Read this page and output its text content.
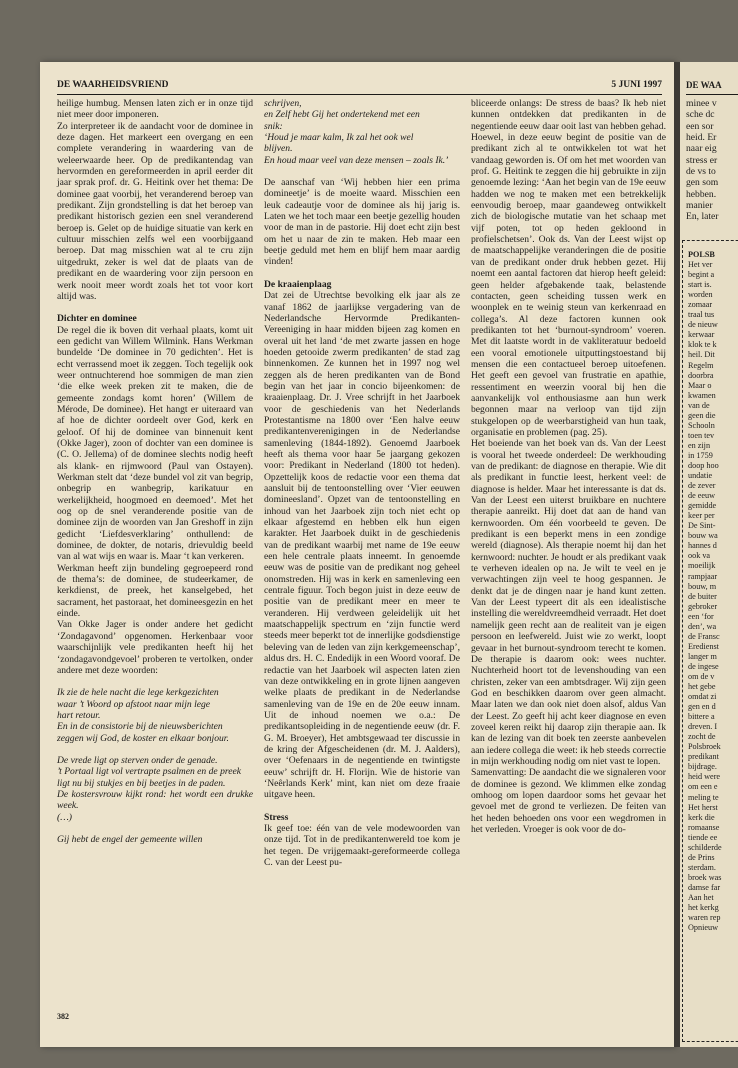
DE WAARHEIDSVRIEND	5 JUNI 1997

heilige humbug. Mensen laten zich er in onze tijd niet meer door imponeren.

Zo interpreteer ik de aandacht voor de dominee in deze dagen. Het markeert een overgang en een complete verandering in waardering van de weleerwaarde heer. Op de predikantendag van hervormden en gereformeerden in april eerder dit jaar sprak prof. dr. G. Heitink over het thema: De dominee gaat voorbij, het veranderend beroep van predikant. Zijn grondstelling is dat het beroep van predikant historisch gezien een snel veranderend beroep is. Gelet op de huidige situatie van kerk en cultuur misschien zelfs wel een voorbijgaand beroep. Dat mag misschien wat al te cru zijn uitgedrukt, zeker is wel dat de plaats van de predikant en de waardering voor zijn persoon en werk nooit meer wordt zoals het tot voor kort altijd was.

Dichter en dominee

De regel die ik boven dit verhaal plaats, komt uit een gedicht van Willem Wilmink. Hans Werkman bundelde ‘De dominee in 70 gedichten’. Het is echt verrassend moet ik zeggen. Toch tegelijk ook weer ontnuchterend hoe sommigen de man zien ‘die elke week preken zit te maken, die de gemeente zondags komt horen’ (Willem de Mérode, De dominee). Het hangt er uiteraard van af hoe de dichter oordeelt over God, kerk en geloof. Of hij de dominee van binnenuit kent (Okke Jager), zoon of dochter van een dominee is (C. O. Jellema) of de dominee slechts nodig heeft als klank- en rijmwoord (Paul van Ostayen). Werkman stelt dat ‘deze bundel vol zit van begrip, onbegrip en wanbegrip, karikatuur en werkelijkheid, hoogmoed en deemoed’. Met het oog op de snel veranderende positie van de dominee zijn de woorden van Jan Greshoff in zijn gedicht ‘Liefdesverklaring’ onthullend: de dominee, de dokter, de notaris, drievuldig beeld van al wat wijs en waar is. Maar ‘t kan verkeren.

Werkman heeft zijn bundeling gegroepeerd rond de thema’s: de dominee, de studeerkamer, de kerkdienst, de preek, het kanselgebed, het sacrament, het pastoraat, het domineesgezin en het einde.

Van Okke Jager is onder andere het gedicht ‘Zondagavond’ opgenomen. Herkenbaar voor waarschijnlijk vele predikanten heeft hij het ‘zondagavondgevoel’ proberen te vertolken, onder andere met deze woorden:

Ik zie de hele nacht die lege kerkgezichten

waar ’t Woord op afstoot naar mijn lege

hart retour.

En in de consistorie bij de nieuwsberichten

zeggen wij God, de koster en elkaar bonjour.

De vrede ligt op sterven onder de genade.

’t Portaal ligt vol vertrapte psalmen en de preek

ligt nu bij stukjes en bij beetjes in de paden.

De kostersvrouw kijkt rond: het wordt een drukke week.

(…)

Gij hebt de engel der gemeente willen

schrijven,

en Zelf hebt Gij het ondertekend met een

snik:

‘Houd je maar kalm, Ik zal het ook wel

blijven.

En houd maar veel van deze mensen – zoals Ik.’

De aanschaf van ‘Wij hebben hier een prima domineetje’ is de moeite waard. Misschien een leuk cadeautje voor de dominee als hij jarig is. Laten we het toch maar een beetje gezellig houden voor de man in de pastorie. Hij doet echt zijn best om het u naar de zin te maken. Heb maar een beetje geduld met hem en blijf hem maar aardig vinden!

De kraaienplaag

Dat zei de Utrechtse bevolking elk jaar als ze vanaf 1862 de jaarlijkse vergadering van de Nederlandsche Hervormde Predikanten-Vereeniging in haar midden bijeen zag komen en overal uit het land ‘de met zwarte jassen en hoge hoeden getooide zwerm predikanten’ de stad zag binnenkomen. Ze kunnen het in 1997 nog wel zeggen als de heren predikanten van de Bond begin van het jaar in concio bijeenkomen: de kraaienplaag. Dr. J. Vree schrijft in het Jaarboek voor de geschiedenis van het Nederlands Protestantisme na 1800 over ‘Een halve eeuw predikantenverenigingen in de Nederlandse samenleving (1844-1892). Genoemd Jaarboek heeft als thema voor haar 5e jaargang gekozen voor: Predikant in Nederland (1800 tot heden). Opzettelijk koos de redactie voor een thema dat aansluit bij de tentoonstelling over ‘Vier eeuwen domineesland’. Opzet van de tentoonstelling en inhoud van het Jaarboek zijn toch niet echt op elkaar afgestemd en hebben elk hun eigen karakter. Het Jaarboek duikt in de geschiedenis van de predikant waarbij met name de 19e eeuw een hele centrale plaats inneemt. In genoemde eeuw was de positie van de predikant nog geheel onomstreden. Hij was in kerk en samenleving een centrale figuur. Toch begon juist in deze eeuw de positie van de predikant meer en meer te veranderen. Hij verdween geleidelijk uit het maatschappelijk spectrum en ‘zijn functie werd steeds meer beperkt tot de innerlijke godsdienstige beleving van de leden van zijn kerkgemeenschap’, aldus drs. H. C. Endedijk in een Woord vooraf. De redactie van het Jaarboek wil aspecten laten zien van deze ontwikkeling en in grote lijnen aangeven welke plaats de predikant in de Nederlandse samenleving van de 19e en de 20e eeuw innam. Uit de inhoud noemen we o.a.: De predikantsopleiding in de negentiende eeuw (dr. F. G. M. Broeyer), Het ambtsgewaad ter discussie in de kring der Afgescheidenen (dr. M. J. Aalders), over ‘Oefenaars in de negentiende en twintigste eeuw’ schrijft dr. H. Florijn. Wie de historie van ‘Neêrlands Kerk’ mint, kan niet om deze fraaie uitgave heen.

Stress

Ik geef toe: één van de vele modewoorden van onze tijd. Tot in de predikantenwereld toe kom je het tegen. De vrijgemaakt-gereformeerde collega C. van der Leest pu-

bliceerde onlangs: De stress de baas? Ik heb niet kunnen ontdekken dat predikanten in de negentiende eeuw daar ooit last van hebben gehad. Hoewel, in deze eeuw begint de positie van de predikant zich al te ontwikkelen tot wat het vandaag geworden is. Of om het met woorden van prof. G. Heitink te zeggen die hij gebruikte in zijn genoemde lezing: ‘Aan het begin van de 19e eeuw hadden we nog te maken met een betrekkelijk eenvoudig beroep, maar gaandeweg ontwikkelt zich de biologische mutatie van het schaap met vijf poten, tot op heden gekloond in profielschetsen’. Ook ds. Van der Leest wijst op de maatschappelijke veranderingen die de positie van de predikant onder druk hebben gezet. Hij noemt een aantal factoren dat hierop heeft geleid: geen helder afgebakende taak, belastende contacten, geen scheiding tussen werk en woonplek en te weinig steun van kerkenraad en collega’s. Al deze factoren kunnen ook predikanten tot het ‘burnout-syndroom’ voeren. Met dit laatste wordt in de vakliteratuur bedoeld een vooral emotionele uitputtingstoestand bij mensen die een contactueel beroep uitoefenen. Het geeft een gevoel van frustratie en apathie, ressentiment en weerzin vooral bij hen die aanvankelijk vol enthousiasme aan hun werk begonnen maar na verloop van tijd zijn stukgelopen op de weerbarstigheid van hun taak, organisatie en problemen (pag. 25).

Het boeiende van het boek van ds. Van der Leest is vooral het tweede onderdeel: De werkhouding van de predikant: de diagnose en therapie. Wie dit als predikant in functie leest, herkent veel: de diagnose is helder. Maar het interessante is dat ds. Van der Leest een uiterst bruikbare en nuchtere therapie aanreikt. Hij doet dat aan de hand van kernwoorden. Om één voorbeeld te geven. De predikant is een beperkt mens in een zondige wereld (diagnose). Als therapie noemt hij dan het kernwoord: nuchter. Je houdt er als predikant vaak te verheven idealen op na. Je wilt te veel en je verwachtingen zijn veel te hoog gespannen. Je denkt dat je de dingen naar je hand kunt zetten. Van der Leest typeert dit als een idealistische instelling die wereldvreemdheid verraadt. Het doet namelijk geen recht aan de realiteit van je eigen persoon en leefwereld. Juist wie zo werkt, loopt gevaar in het burnout-syndroom terecht te komen. De therapie is daarom ook: wees nuchter. Nuchterheid hoort tot de levenshouding van een christen, zeker van een ambtsdrager. Wij zijn geen God en beschikken daarom over geen almacht. Maar laten we dan ook niet doen alsof, aldus Van der Leest. Zo geeft hij acht keer diagnose en even zoveel keren reikt hij daarop zijn therapie aan. Ik kan de lezing van dit boek ten zeerste aanbevelen aan iedere collega die weet: ik heb steeds correctie in mijn werkhouding nodig om niet vast te lopen.

Samenvatting: De aandacht die we signaleren voor de dominee is gezond. We klimmen elke zondag omhoog om lopen daardoor soms het gevaar het gevoel met de grond te verliezen. De feiten van het heden behoeden ons voor een wegdromen in het verleden. Vroeger is ook voor de do-

382
DE WAA
minee v
sche dc
een sor
heid. Er
naar eig
stress er
de vs to
gen som
hebben.
manier
En, later
POLSB
Het ver
begint a
start is.
worden
zomaar
traal tus
de nieuw
kerwaar
klok te k
heil. Dit
Regelm
doorbra
Maar o
kwamen
van de
geen die
Schooln
toen tev
en zijn
in 1759
doop hoo
undatie
de zever
de eeuw
gemidde
keer per
De Sint-
bouw wa
hannes d
ook va
moeilijk
rampjaar
bouw, m
de buiter
gebroker
een ‘for
den’, wa
de Fransc
Eredienst
langer m
de ingese
om de v
het gebe
omdat zi
gen en d
bittere a
dreven. I
zocht de
Polsbroek
predikant
bijdrage.
heid were
om een e
meling te
Het herst
kerk die
romaanse
tiende ee
schilderde
de Prins
sterdam.
broek was
damse far
Aan het
het kerkg
waren rep
Opnieuw
